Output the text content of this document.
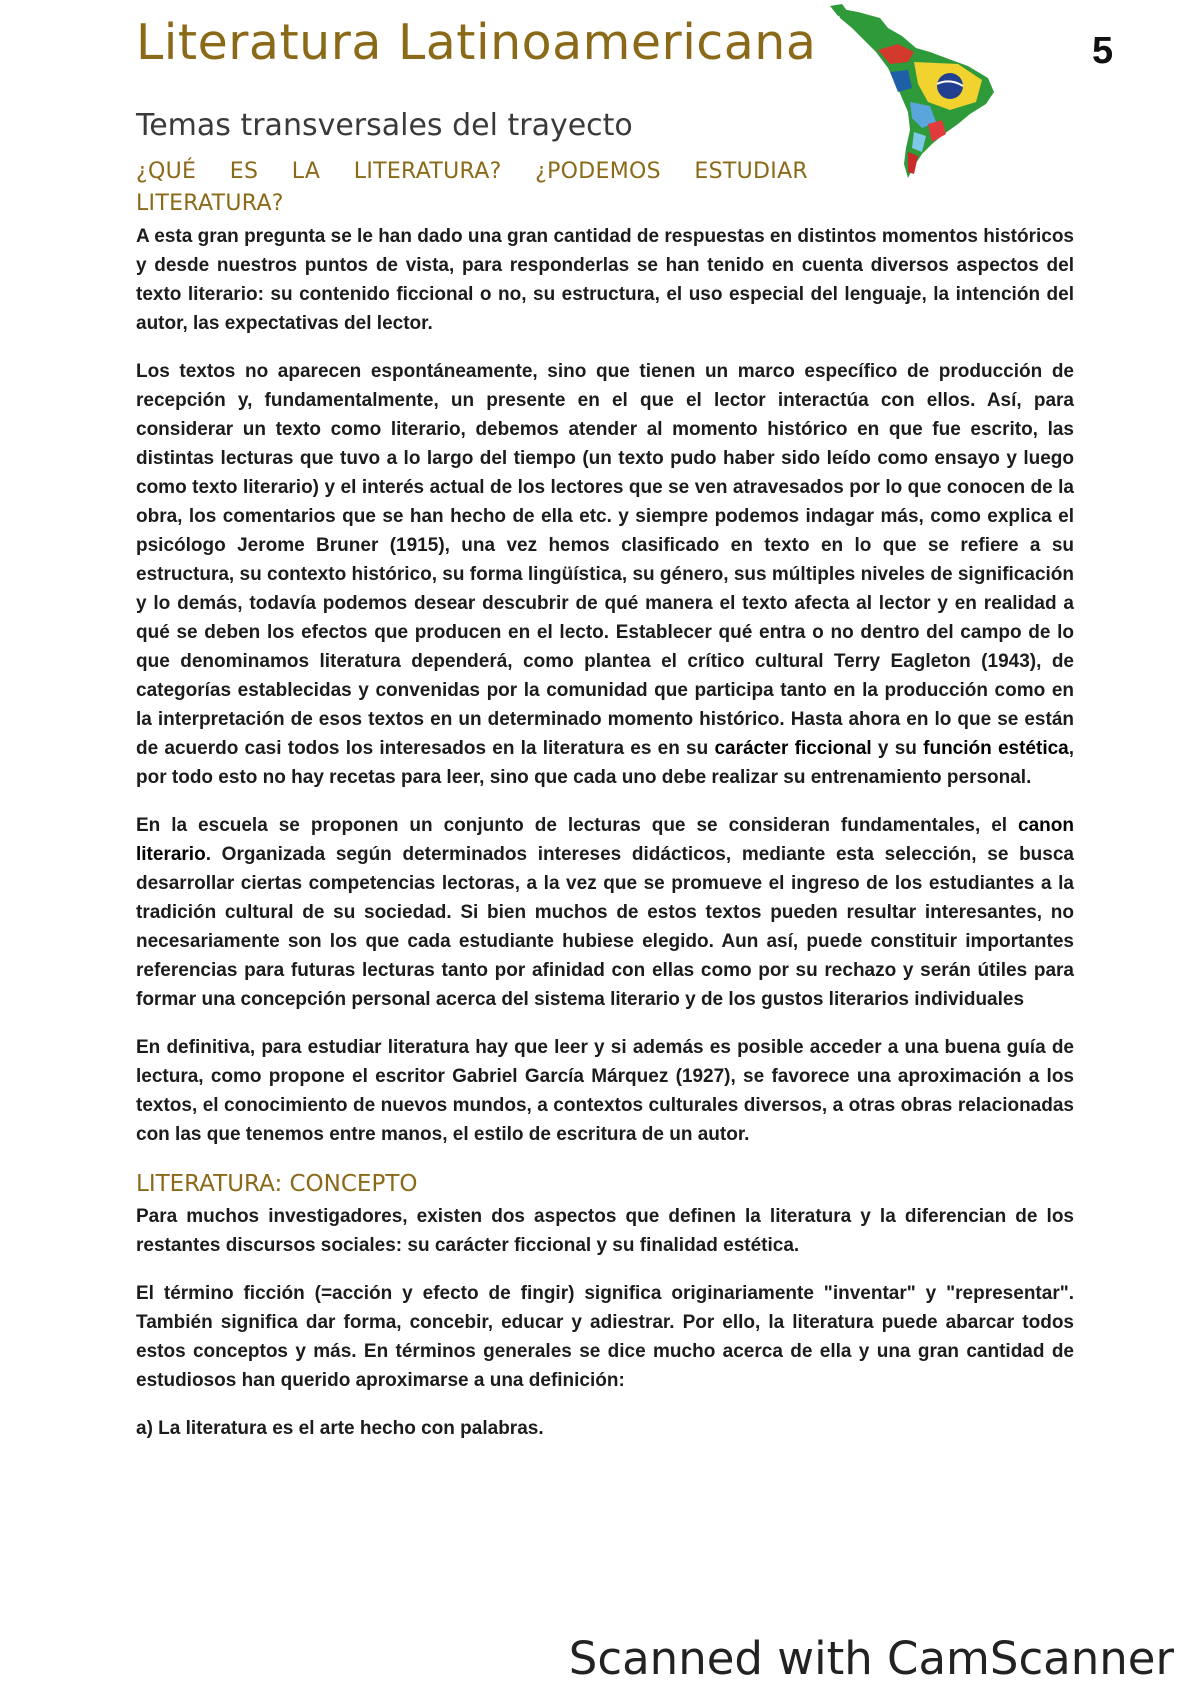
Literatura Latinoamericana	5
Temas transversales del trayecto
¿QUÉ ES LA LITERATURA? ¿PODEMOS ESTUDIAR LITERATURA?

A esta gran pregunta se le han dado una gran cantidad de respuestas en distintos momentos históricos y desde nuestros puntos de vista, para responderlas se han tenido en cuenta diversos aspectos del texto literario: su contenido ficcional o no, su estructura, el uso especial del lenguaje, la intención del autor, las expectativas del lector.

Los textos no aparecen espontáneamente, sino que tienen un marco específico de producción de recepción y, fundamentalmente, un presente en el que el lector interactúa con ellos. Así, para considerar un texto como literario, debemos atender al momento histórico en que fue escrito, las distintas lecturas que tuvo a lo largo del tiempo (un texto pudo haber sido leído como ensayo y luego como texto literario) y el interés actual de los lectores que se ven atravesados por lo que conocen de la obra, los comentarios que se han hecho de ella etc. y siempre podemos indagar más, como explica el psicólogo Jerome Bruner (1915), una vez hemos clasificado en texto en lo que se refiere a su estructura, su contexto histórico, su forma lingüística, su género, sus múltiples niveles de significación y lo demás, todavía podemos desear descubrir de qué manera el texto afecta al lector y en realidad a qué se deben los efectos que producen en el lecto. Establecer qué entra o no dentro del campo de lo que denominamos literatura dependerá, como plantea el crítico cultural Terry Eagleton (1943), de categorías establecidas y convenidas por la comunidad que participa tanto en la producción como en la interpretación de esos textos en un determinado momento histórico. Hasta ahora en lo que se están de acuerdo casi todos los interesados en la literatura es en su carácter ficcional y su función estética, por todo esto no hay recetas para leer, sino que cada uno debe realizar su entrenamiento personal.

En la escuela se proponen un conjunto de lecturas que se consideran fundamentales, el canon literario. Organizada según determinados intereses didácticos, mediante esta selección, se busca desarrollar ciertas competencias lectoras, a la vez que se promueve el ingreso de los estudiantes a la tradición cultural de su sociedad. Si bien muchos de estos textos pueden resultar interesantes, no necesariamente son los que cada estudiante hubiese elegido. Aun así, puede constituir importantes referencias para futuras lecturas tanto por afinidad con ellas como por su rechazo y serán útiles para formar una concepción personal acerca del sistema literario y de los gustos literarios individuales

En definitiva, para estudiar literatura hay que leer y si además es posible acceder a una buena guía de lectura, como propone el escritor Gabriel García Márquez (1927), se favorece una aproximación a los textos, el conocimiento de nuevos mundos, a contextos culturales diversos, a otras obras relacionadas con las que tenemos entre manos, el estilo de escritura de un autor.

LITERATURA: CONCEPTO

Para muchos investigadores, existen dos aspectos que definen la literatura y la diferencian de los restantes discursos sociales: su carácter ficcional y su finalidad estética.

El término ficción (=acción y efecto de fingir) significa originariamente "inventar" y "representar". También significa dar forma, concebir, educar y adiestrar. Por ello, la literatura puede abarcar todos estos conceptos y más. En términos generales se dice mucho acerca de ella y una gran cantidad de estudiosos han querido aproximarse a una definición:

a) La literatura es el arte hecho con palabras.

Scanned with CamScanner
